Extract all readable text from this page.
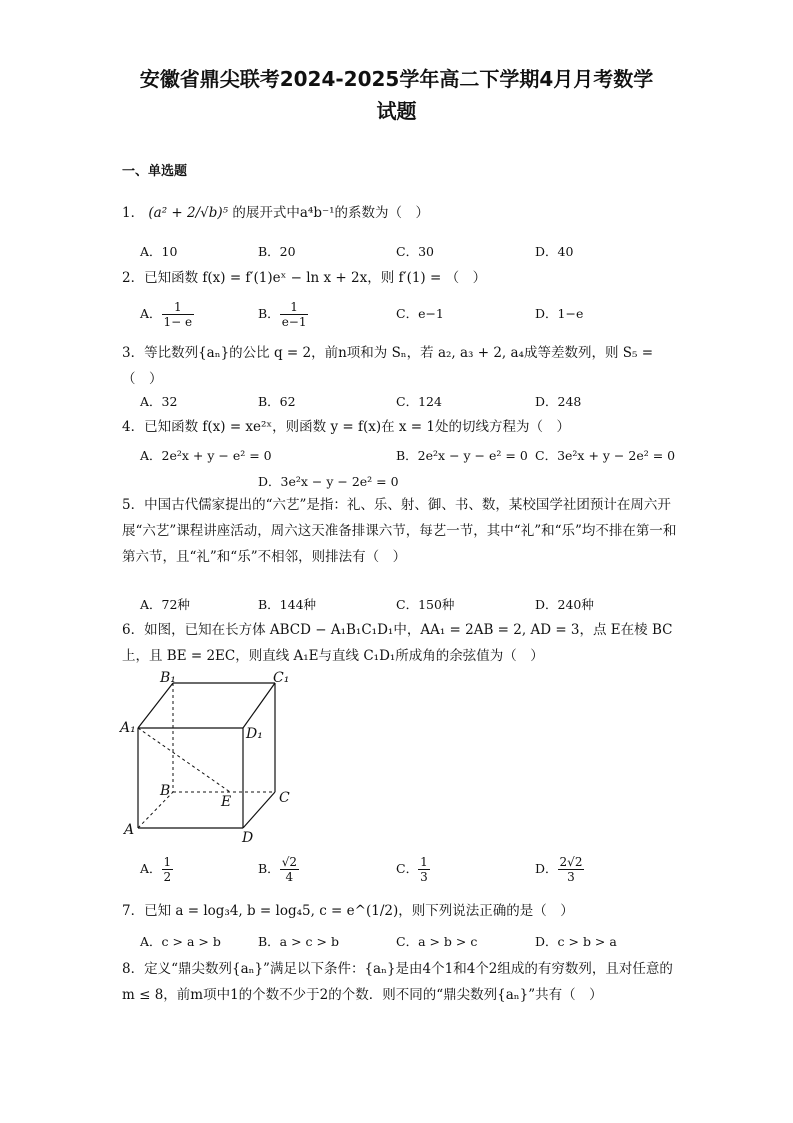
安徽省鼎尖联考2024-2025学年高二下学期4月月考数学
试题
一、单选题
1． (a² + 2/√b)⁵ 的展开式中a⁴b⁻¹的系数为（　）
A．10	B．20	C．30	D．40
2．已知函数 f(x) = f′(1)eˣ − ln x + 2x，则 f′(1) = （　）
A． $\frac{1}{1- e}$	B． $\frac{1}{e-1}$	C．e−1	D．1−e
3．等比数列{aₙ}的公比 q = 2，前n项和为 Sₙ，若 a₂, a₃ + 2, a₄成等差数列，则 S₅ =（　）
A．32	B．62	C．124	D．248
4．已知函数 f(x) = xe²ˣ，则函数 y = f(x)在 x = 1处的切线方程为（　）
A．2e²x + y − e² = 0	B．2e²x − y − e² = 0 C．3e²x + y − 2e² = 0
D．3e²x − y − 2e² = 0
5．中国古代儒家提出的“六艺”是指：礼、乐、射、御、书、数，某校国学社团预计在周六开展“六艺”课程讲座活动，周六这天准备排课六节，每艺一节，其中“礼”和“乐”均不排在第一和第六节，且“礼”和“乐”不相邻，则排法有（　）
A．72种	B．144种	C．150种	D．240种
6．如图，已知在长方体 ABCD − A₁B₁C₁D₁中，AA₁ = 2AB = 2, AD = 3，点 E在棱 BC上，且 BE = 2EC，则直线 A₁E与直线 C₁D₁所成角的余弦值为（　）
B₁	C₁
A₁	D₁
B
E	C
A	D
A． $\frac{1}{2}$	B． $\frac{√2}{4}$	C． $\frac{1}{3}$	D． $\frac{2√2}{3}$
7．已知 a = log₃4, b = log₄5, c = e^(1/2)，则下列说法正确的是（　）
A．c > a > b	B．a > c > b	C．a > b > c	D．c > b > a
8．定义“鼎尖数列{aₙ}”满足以下条件：{aₙ}是由4个1和4个2组成的有穷数列，且对任意的m ≤ 8，前m项中1的个数不少于2的个数．则不同的“鼎尖数列{aₙ}”共有（　）
